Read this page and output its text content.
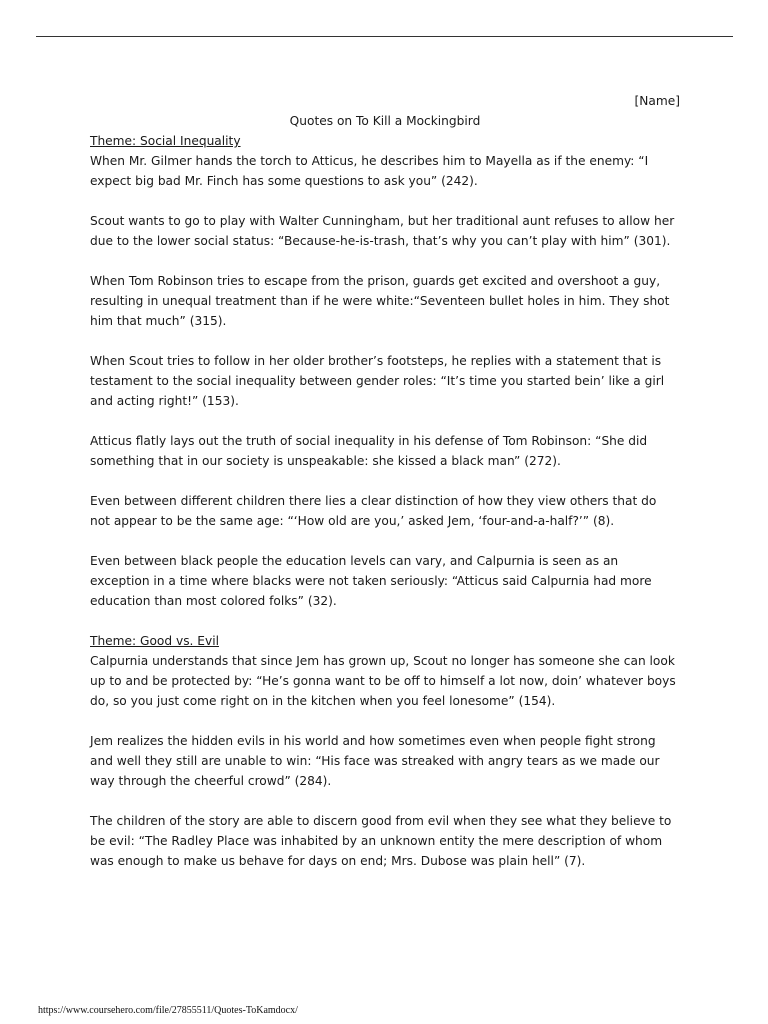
[Name]
Quotes on To Kill a Mockingbird
Theme: Social Inequality

When Mr. Gilmer hands the torch to Atticus, he describes him to Mayella as if the enemy: “I expect big bad Mr. Finch has some questions to ask you” (242).

Scout wants to go to play with Walter Cunningham, but her traditional aunt refuses to allow her due to the lower social status: “Because-he-is-trash, that’s why you can’t play with him” (301).

When Tom Robinson tries to escape from the prison, guards get excited and overshoot a guy, resulting in unequal treatment than if he were white:“Seventeen bullet holes in him. They shot him that much” (315).

When Scout tries to follow in her older brother’s footsteps, he replies with a statement that is testament to the social inequality between gender roles: “It’s time you started bein’ like a girl and acting right!” (153).

Atticus flatly lays out the truth of social inequality in his defense of Tom Robinson: “She did something that in our society is unspeakable: she kissed a black man” (272).

Even between different children there lies a clear distinction of how they view others that do not appear to be the same age: “‘How old are you,’ asked Jem, ‘four-and-a-half?’” (8).

Even between black people the education levels can vary, and Calpurnia is seen as an exception in a time where blacks were not taken seriously: “Atticus said Calpurnia had more education than most colored folks” (32).

Theme: Good vs. Evil

Calpurnia understands that since Jem has grown up, Scout no longer has someone she can look up to and be protected by: “He’s gonna want to be off to himself a lot now, doin’ whatever boys do, so you just come right on in the kitchen when you feel lonesome” (154).

Jem realizes the hidden evils in his world and how sometimes even when people fight strong and well they still are unable to win: “His face was streaked with angry tears as we made our way through the cheerful crowd” (284).

The children of the story are able to discern good from evil when they see what they believe to be evil: “The Radley Place was inhabited by an unknown entity the mere description of whom was enough to make us behave for days on end; Mrs. Dubose was plain hell” (7).

https://www.coursehero.com/file/27855511/Quotes-ToKamdocx/
